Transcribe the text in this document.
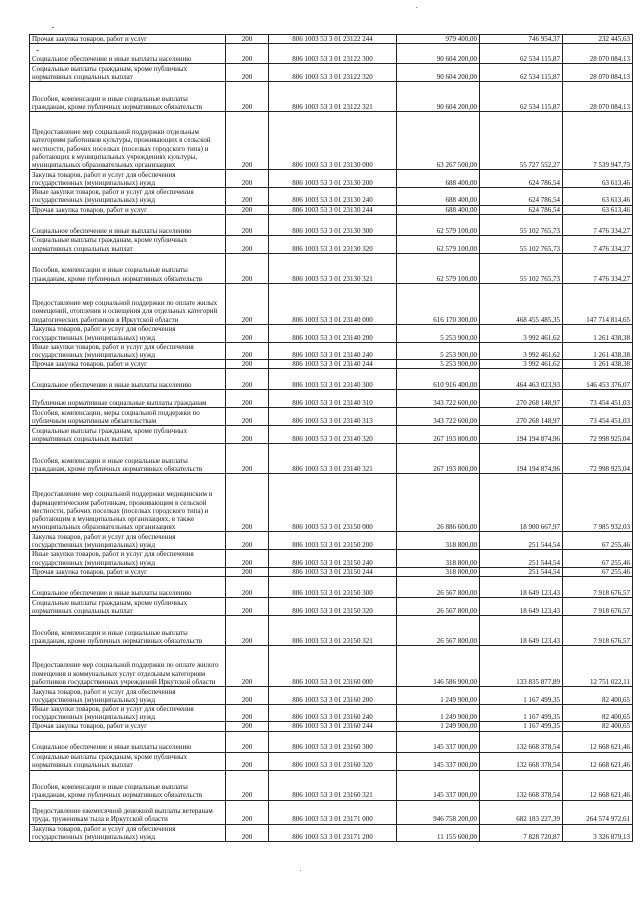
Прочая закупка товаров, работ и услуг	200	806 1003 53 3 01 23122 244	979 400,00	746 954,37	232 445,63
Социальное обеспечение и иные выплаты населению	200	806 1003 53 3 01 23122 300	90 604 200,00	62 534 115,87	28 070 084,13
Социальные выплаты гражданам, кроме публичных нормативных социальных выплат	200	806 1003 53 3 01 23122 320	90 604 200,00	62 534 115,87	28 070 084,13
Пособия, компенсации и иные социальные выплаты гражданам, кроме публичных нормативных обязательств	200	806 1003 53 3 01 23122 321	90 604 200,00	62 534 115,87	28 070 084,13
Предоставление мер социальной поддержки отдельным категориям работников культуры, проживающих в сельской местности, рабочих поселках (поселках городского типа) и работающих в муниципальных учреждениях культуры, муниципальных образовательных организациях	200	806 1003 53 3 01 23130 000	63 267 500,00	55 727 552,27	7 539 947,73
Закупка товаров, работ и услуг для обеспечения государственных (муниципальных) нужд	200	806 1003 53 3 01 23130 200	688 400,00	624 786,54	63 613,46
Иные закупки товаров, работ и услуг для обеспечения государственных (муниципальных) нужд	200	806 1003 53 3 01 23130 240	688 400,00	624 786,54	63 613,46
Прочая закупка товаров, работ и услуг	200	806 1003 53 3 01 23130 244	688 400,00	624 786,54	63 613,46
Социальное обеспечение и иные выплаты населению	200	806 1003 53 3 01 23130 300	62 579 100,00	55 102 765,73	7 476 334,27
Социальные выплаты гражданам, кроме публичных нормативных социальных выплат	200	806 1003 53 3 01 23130 320	62 579 100,00	55 102 765,73	7 476 334,27
Пособия, компенсации и иные социальные выплаты гражданам, кроме публичных нормативных обязательств	200	806 1003 53 3 01 23130 321	62 579 100,00	55 102 765,73	7 476 334,27
Предоставление мер социальной поддержки по оплате жилых помещений, отопления и освещения для отдельных категорий педагогических работников в Иркутской области	200	806 1003 53 3 01 23140 000	616 170 300,00	468 455 485,35	147 714 814,65
Закупка товаров, работ и услуг для обеспечения государственных (муниципальных) нужд	200	806 1003 53 3 01 23140 200	5 253 900,00	3 992 461,62	1 261 438,38
Иные закупки товаров, работ и услуг для обеспечения государственных (муниципальных) нужд	200	806 1003 53 3 01 23140 240	5 253 900,00	3 992 461,62	1 261 438,38
Прочая закупка товаров, работ и услуг	200	806 1003 53 3 01 23140 244	5 253 900,00	3 992 461,62	1 261 438,38
Социальное обеспечение и иные выплаты населению	200	806 1003 53 3 01 23140 300	610 916 400,00	464 463 023,93	146 453 376,07
Публичные нормативные социальные выплаты гражданам	200	806 1003 53 3 01 23140 310	343 722 600,00	270 268 148,97	73 454 451,03
Пособия, компенсации, меры социальной поддержки по публичным нормативным обязательствам	200	806 1003 53 3 01 23140 313	343 722 600,00	270 268 148,97	73 454 451,03
Социальные выплаты гражданам, кроме публичных нормативных социальных выплат	200	806 1003 53 3 01 23140 320	267 193 800,00	194 194 874,96	72 998 925,04
Пособия, компенсации и иные социальные выплаты гражданам, кроме публичных нормативных обязательств	200	806 1003 53 3 01 23140 321	267 193 800,00	194 194 874,96	72 998 925,04
Предоставление мер социальной поддержки медицинским и фармацевтическим работникам, проживающим в сельской местности, рабочих поселках (поселках городского типа) и работающим в муниципальных организациях, в также муниципальных образовательных организациях	200	806 1003 53 3 01 23150 000	26 886 600,00	18 900 667,97	7 985 932,03
Закупка товаров, работ и услуг для обеспечения государственных (муниципальных) нужд	200	806 1003 53 3 01 23150 200	318 800,00	251 544,54	67 255,46
Иные закупки товаров, работ и услуг для обеспечения государственных (муниципальных) нужд	200	806 1003 53 3 01 23150 240	318 800,00	251 544,54	67 255,46
Прочая закупка товаров, работ и услуг	200	806 1003 53 3 01 23150 244	318 800,00	251 544,54	67 255,46
Социальное обеспечение и иные выплаты населению	200	806 1003 53 3 01 23150 300	26 567 800,00	18 649 123,43	7 918 676,57
Социальные выплаты гражданам, кроме публичных нормативных социальных выплат	200	806 1003 53 3 01 23150 320	26 567 800,00	18 649 123,43	7 918 676,57
Пособия, компенсации и иные социальные выплаты гражданам, кроме публичных нормативных обязательств	200	806 1003 53 3 01 23150 321	26 567 800,00	18 649 123,43	7 918 676,57
Предоставление мер социальной поддержки по оплате жилого помещения и коммунальных услуг отдельным категориям работников государственных учреждений Иркутской области	200	806 1003 53 3 01 23160 000	146 586 900,00	133 835 877,89	12 751 022,11
Закупка товаров, работ и услуг для обеспечения государственных (муниципальных) нужд	200	806 1003 53 3 01 23160 200	1 249 900,00	1 167 499,35	82 400,65
Иные закупки товаров, работ и услуг для обеспечения государственных (муниципальных) нужд	200	806 1003 53 3 01 23160 240	1 249 900,00	1 167 499,35	82 400,65
Прочая закупка товаров, работ и услуг	200	806 1003 53 3 01 23160 244	1 249 900,00	1 167 499,35	82 400,65
Социальное обеспечение и иные выплаты населению	200	806 1003 53 3 01 23160 300	145 337 000,00	132 668 378,54	12 668 621,46
Социальные выплаты гражданам, кроме публичных нормативных социальных выплат	200	806 1003 53 3 01 23160 320	145 337 000,00	132 668 378,54	12 668 621,46
Пособия, компенсации и иные социальные выплаты гражданам, кроме публичных нормативных обязательств	200	806 1003 53 3 01 23160 321	145 337 000,00	132 668 378,54	12 668 621,46
Предоставление ежемесячной денежной выплаты ветеранам труда, труженикам тыла в Иркутской области	200	806 1003 53 3 01 23171 000	946 758 200,00	682 183 227,39	264 574 972,61
Закупка товаров, работ и услуг для обеспечения государственных (муниципальных) нужд	200	806 1003 53 3 01 23171 200	11 155 600,00	7 828 720,87	3 326 879,13
